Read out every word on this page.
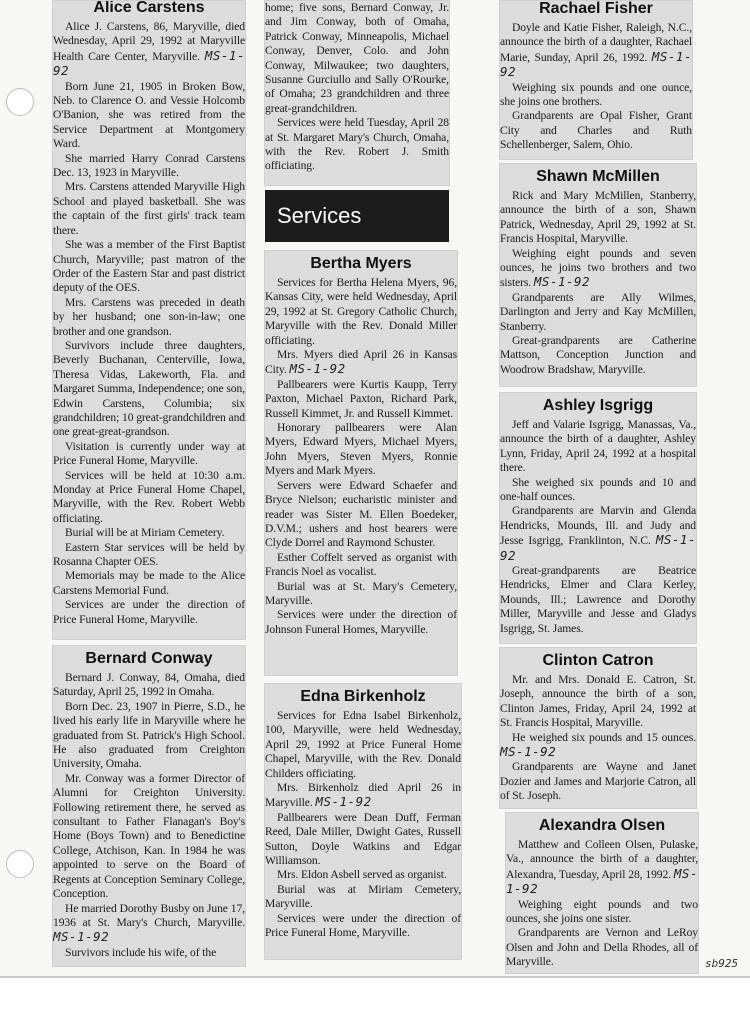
Alice Carstens

Alice J. Carstens, 86, Maryville, died Wednesday, April 29, 1992 at Maryville Health Care Center, Maryville. MS-1-92

Born June 21, 1905 in Broken Bow, Neb. to Clarence O. and Vessie Holcomb O'Banion, she was retired from the Service Department at Montgomery Ward.

She married Harry Conrad Carstens Dec. 13, 1923 in Maryville.

Mrs. Carstens attended Maryville High School and played basketball. She was the captain of the first girls' track team there.

She was a member of the First Baptist Church, Maryville; past matron of the Order of the Eastern Star and past district deputy of the OES.

Mrs. Carstens was preceded in death by her husband; one son-in-law; one brother and one grandson.

Survivors include three daughters, Beverly Buchanan, Centerville, Iowa, Theresa Vidas, Lakeworth, Fla. and Margaret Summa, Independence; one son, Edwin Carstens, Columbia; six grandchildren; 10 great-grandchildren and one great-great-grandson.

Visitation is currently under way at Price Funeral Home, Maryville.

Services will be held at 10:30 a.m. Monday at Price Funeral Home Chapel, Maryville, with the Rev. Robert Webb officiating.

Burial will be at Miriam Cemetery.

Eastern Star services will be held by Rosanna Chapter OES.

Memorials may be made to the Alice Carstens Memorial Fund.

Services are under the direction of Price Funeral Home, Maryville.

Bernard Conway

Bernard J. Conway, 84, Omaha, died Saturday, April 25, 1992 in Omaha.

Born Dec. 23, 1907 in Pierre, S.D., he lived his early life in Maryville where he graduated from St. Patrick's High School. He also graduated from Creighton University, Omaha.

Mr. Conway was a former Director of Alumni for Creighton University. Following retirement there, he served as consultant to Father Flanagan's Boy's Home (Boys Town) and to Benedictine College, Atchison, Kan. In 1984 he was appointed to serve on the Board of Regents at Conception Seminary College, Conception.

He married Dorothy Busby on June 17, 1936 at St. Mary's Church, Maryville. MS-1-92

Survivors include his wife, of the

home; five sons, Bernard Conway, Jr. and Jim Conway, both of Omaha, Patrick Conway, Minneapolis, Michael Conway, Denver, Colo. and John Conway, Milwaukee; two daughters, Susanne Gurciullo and Sally O'Rourke, of Omaha; 23 grandchildren and three great-grandchildren.

Services were held Tuesday, April 28 at St. Margaret Mary's Church, Omaha, with the Rev. Robert J. Smith officiating.

Services
Bertha Myers

Services for Bertha Helena Myers, 96, Kansas City, were held Wednesday, April 29, 1992 at St. Gregory Catholic Church, Maryville with the Rev. Donald Miller officiating.

Mrs. Myers died April 26 in Kansas City. MS-1-92

Pallbearers were Kurtis Kaupp, Terry Paxton, Michael Paxton, Richard Park, Russell Kimmet, Jr. and Russell Kimmet.

Honorary pallbearers were Alan Myers, Edward Myers, Michael Myers, John Myers, Steven Myers, Ronnie Myers and Mark Myers.

Servers were Edward Schaefer and Bryce Nielson; eucharistic minister and reader was Sister M. Ellen Boedeker, D.V.M.; ushers and host bearers were Clyde Dorrel and Raymond Schuster.

Esther Coffelt served as organist with Francis Noel as vocalist.

Burial was at St. Mary's Cemetery, Maryville.

Services were under the direction of Johnson Funeral Homes, Maryville.

Edna Birkenholz

Services for Edna Isabel Birkenholz, 100, Maryville, were held Wednesday, April 29, 1992 at Price Funeral Home Chapel, Maryville, with the Rev. Donald Childers officiating.

Mrs. Birkenholz died April 26 in Maryville. MS-1-92

Pallbearers were Dean Duff, Ferman Reed, Dale Miller, Dwight Gates, Russell Sutton, Doyle Watkins and Edgar Williamson.

Mrs. Eldon Asbell served as organist.

Burial was at Miriam Cemetery, Maryville.

Services were under the direction of Price Funeral Home, Maryville.

Rachael Fisher

Doyle and Katie Fisher, Raleigh, N.C., announce the birth of a daughter, Rachael Marie, Sunday, April 26, 1992. MS-1-92

Weighing six pounds and one ounce, she joins one brothers.

Grandparents are Opal Fisher, Grant City and Charles and Ruth Schellenberger, Salem, Ohio.

Shawn McMillen

Rick and Mary McMillen, Stanberry, announce the birth of a son, Shawn Patrick, Wednesday, April 29, 1992 at St. Francis Hospital, Maryville.

Weighing eight pounds and seven ounces, he joins two brothers and two sisters. MS-1-92

Grandparents are Ally Wilmes, Darlington and Jerry and Kay McMillen, Stanberry.

Great-grandparents are Catherine Mattson, Conception Junction and Woodrow Bradshaw, Maryville.

Ashley Isgrigg

Jeff and Valarie Isgrigg, Manassas, Va., announce the birth of a daughter, Ashley Lynn, Friday, April 24, 1992 at a hospital there.

She weighed six pounds and 10 and one-half ounces.

Grandparents are Marvin and Glenda Hendricks, Mounds, Ill. and Judy and Jesse Isgrigg, Franklinton, N.C. MS-1-92

Great-grandparents are Beatrice Hendricks, Elmer and Clara Kerley, Mounds, Ill.; Lawrence and Dorothy Miller, Maryville and Jesse and Gladys Isgrigg, St. James.

Clinton Catron

Mr. and Mrs. Donald E. Catron, St. Joseph, announce the birth of a son, Clinton James, Friday, April 24, 1992 at St. Francis Hospital, Maryville.

He weighed six pounds and 15 ounces. MS-1-92

Grandparents are Wayne and Janet Dozier and James and Marjorie Catron, all of St. Joseph.

Alexandra Olsen

Matthew and Colleen Olsen, Pulaske, Va., announce the birth of a daughter, Alexandra, Tuesday, April 28, 1992. MS-1-92

Weighing eight pounds and two ounces, she joins one sister.

Grandparents are Vernon and LeRoy Olsen and John and Della Rhodes, all of Maryville.	sb925
